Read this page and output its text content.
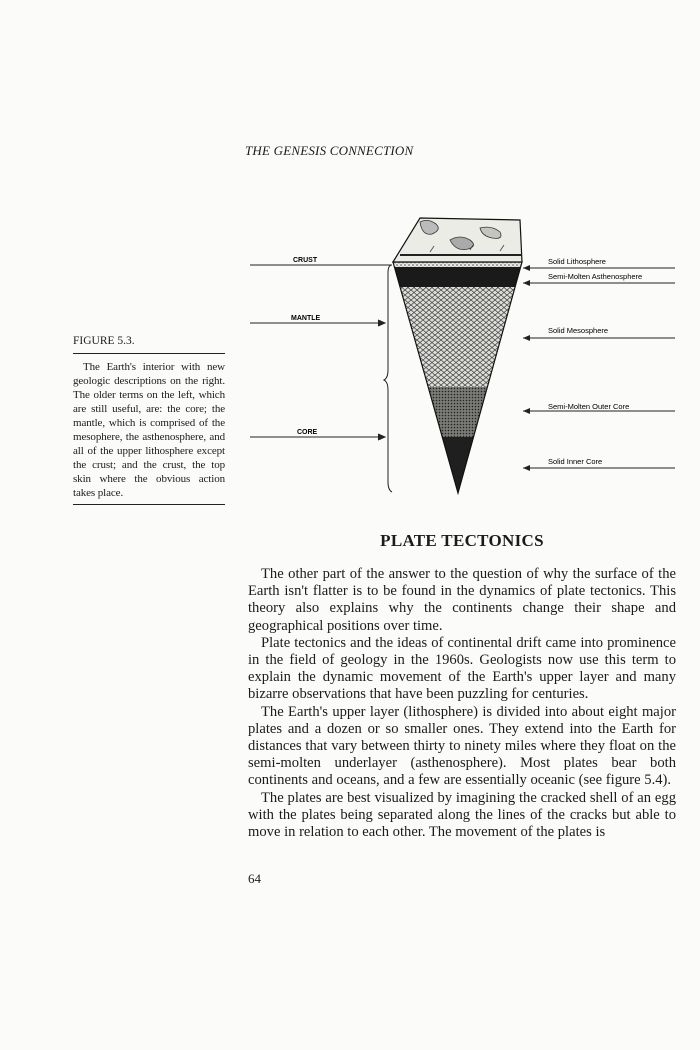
THE GENESIS CONNECTION
CRUST
MANTLE
CORE
Solid Lithosphere
Semi-Molten Asthenosphere
Solid Mesosphere
Semi-Molten Outer Core
Solid Inner Core
FIGURE 5.3.

The Earth's interior with new geologic descriptions on the right. The older terms on the left, which are still useful, are: the core; the mantle, which is comprised of the mesophere, the asthenosphere, and all of the upper lithosphere except the crust; and the crust, the top skin where the obvious action takes place.

PLATE TECTONICS

The other part of the answer to the question of why the surface of the Earth isn't flatter is to be found in the dynamics of plate tectonics. This theory also explains why the continents change their shape and geographical positions over time.

Plate tectonics and the ideas of continental drift came into prominence in the field of geology in the 1960s. Geologists now use this term to explain the dynamic movement of the Earth's upper layer and many bizarre observations that have been puzzling for centuries.

The Earth's upper layer (lithosphere) is divided into about eight major plates and a dozen or so smaller ones. They extend into the Earth for distances that vary between thirty to ninety miles where they float on the semi-molten underlayer (asthenosphere). Most plates bear both continents and oceans, and a few are essentially oceanic (see figure 5.4).

The plates are best visualized by imagining the cracked shell of an egg with the plates being separated along the lines of the cracks but able to move in relation to each other. The movement of the plates is

64
